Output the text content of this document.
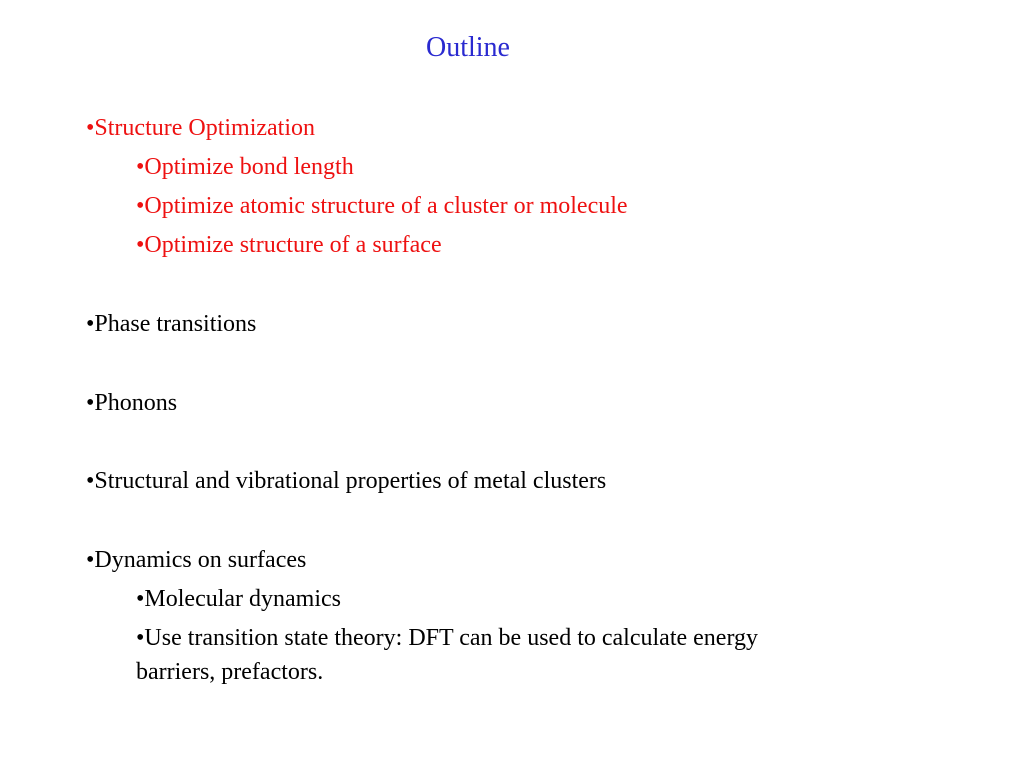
Outline
•Structure Optimization
•Optimize bond length
•Optimize atomic structure of a cluster or molecule
•Optimize structure of a surface
•Phase transitions
•Phonons
•Structural and vibrational properties of metal clusters
•Dynamics on surfaces
•Molecular dynamics
•Use transition state theory: DFT can be used to calculate energy
barriers, prefactors.
